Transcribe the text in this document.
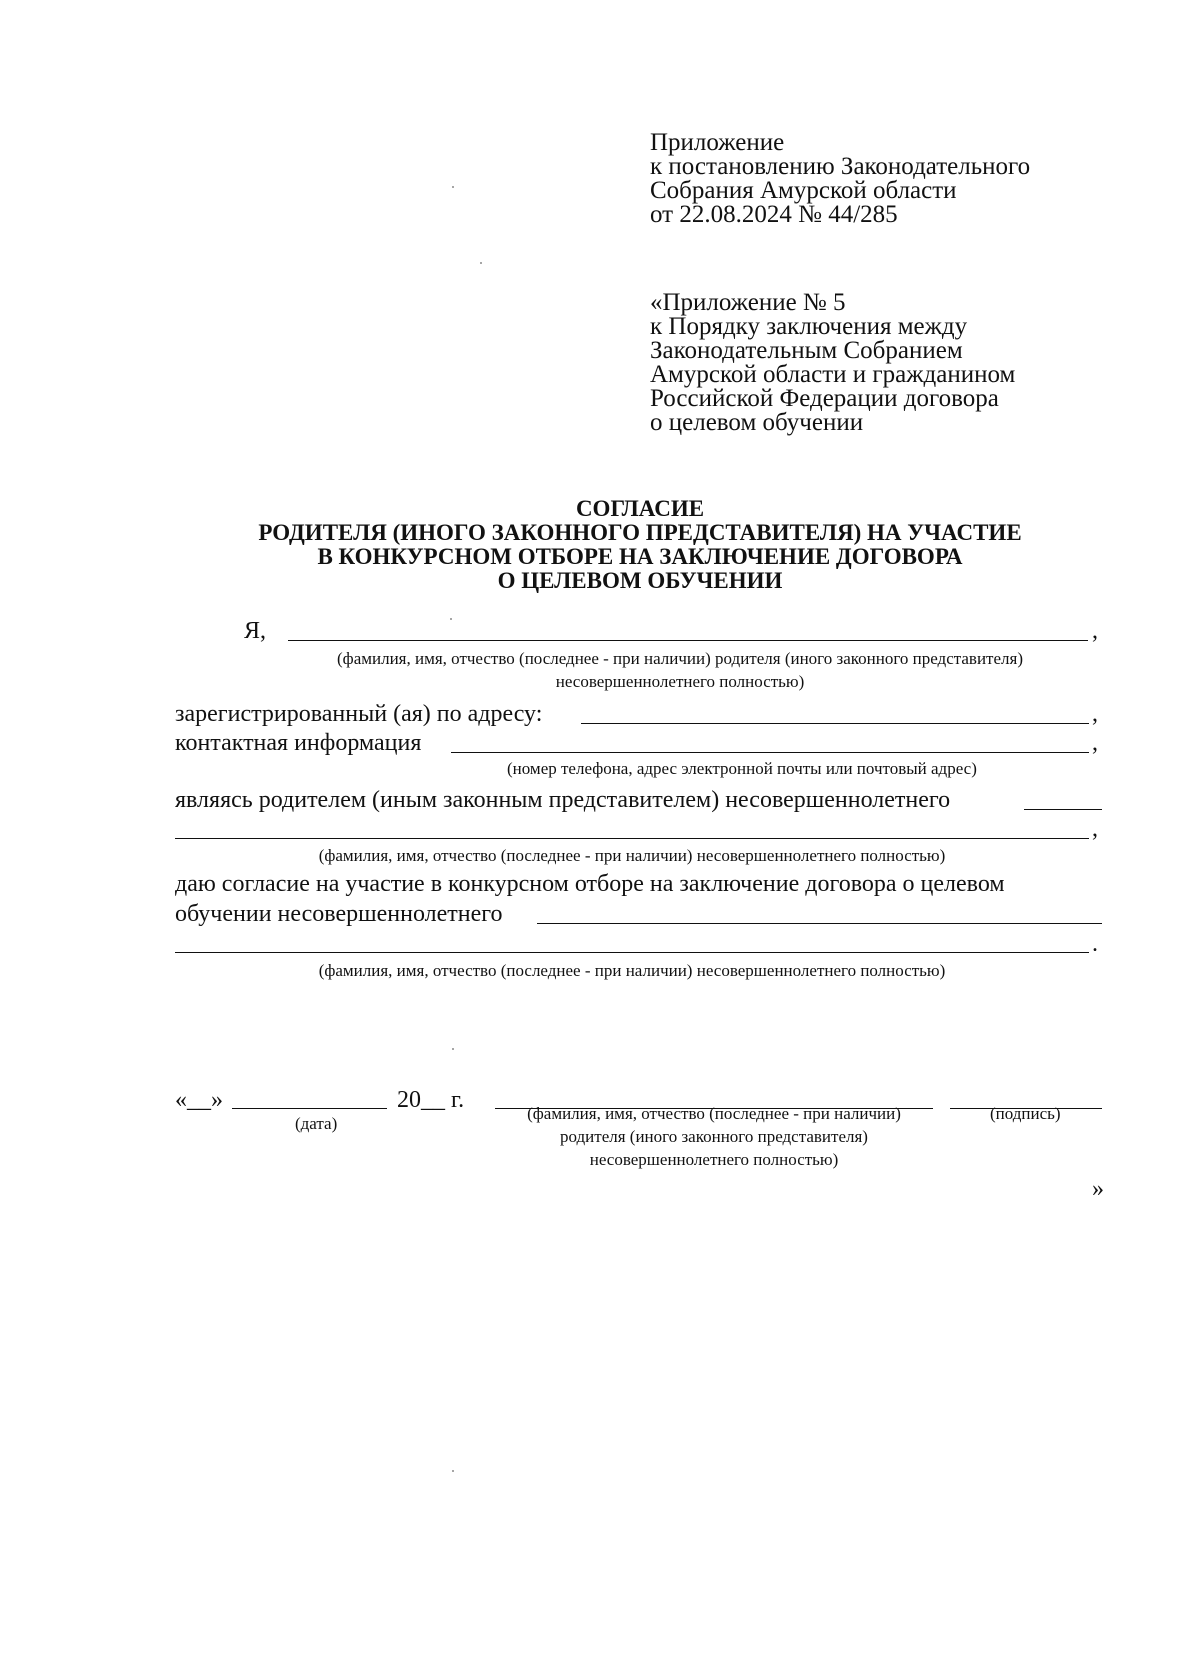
Приложение
к постановлению Законодательного
Собрания Амурской области
от 22.08.2024 № 44/285
«Приложение № 5
к Порядку заключения между
Законодательным Собранием
Амурской области и гражданином
Российской Федерации договора
о целевом обучении
СОГЛАСИЕ
РОДИТЕЛЯ (ИНОГО ЗАКОННОГО ПРЕДСТАВИТЕЛЯ) НА УЧАСТИЕ
В КОНКУРСНОМ ОТБОРЕ НА ЗАКЛЮЧЕНИЕ ДОГОВОРА
О ЦЕЛЕВОМ ОБУЧЕНИИ
Я,	,
(фамилия, имя, отчество (последнее - при наличии) родителя (иного законного представителя)
несовершеннолетнего полностью)
зарегистрированный (ая) по адресу:	,
контактная информация	,
(номер телефона, адрес электронной почты или почтовый адрес)
являясь родителем (иным законным представителем) несовершеннолетнего
,
(фамилия, имя, отчество (последнее - при наличии) несовершеннолетнего полностью)
даю согласие на участие в конкурсном отборе на заключение договора о целевом
обучении несовершеннолетнего
.
(фамилия, имя, отчество (последнее - при наличии) несовершеннолетнего полностью)
«__»	20__ г.
(дата)
(фамилия, имя, отчество (последнее - при наличии)
родителя (иного законного представителя)
несовершеннолетнего полностью)
(подпись)
»
